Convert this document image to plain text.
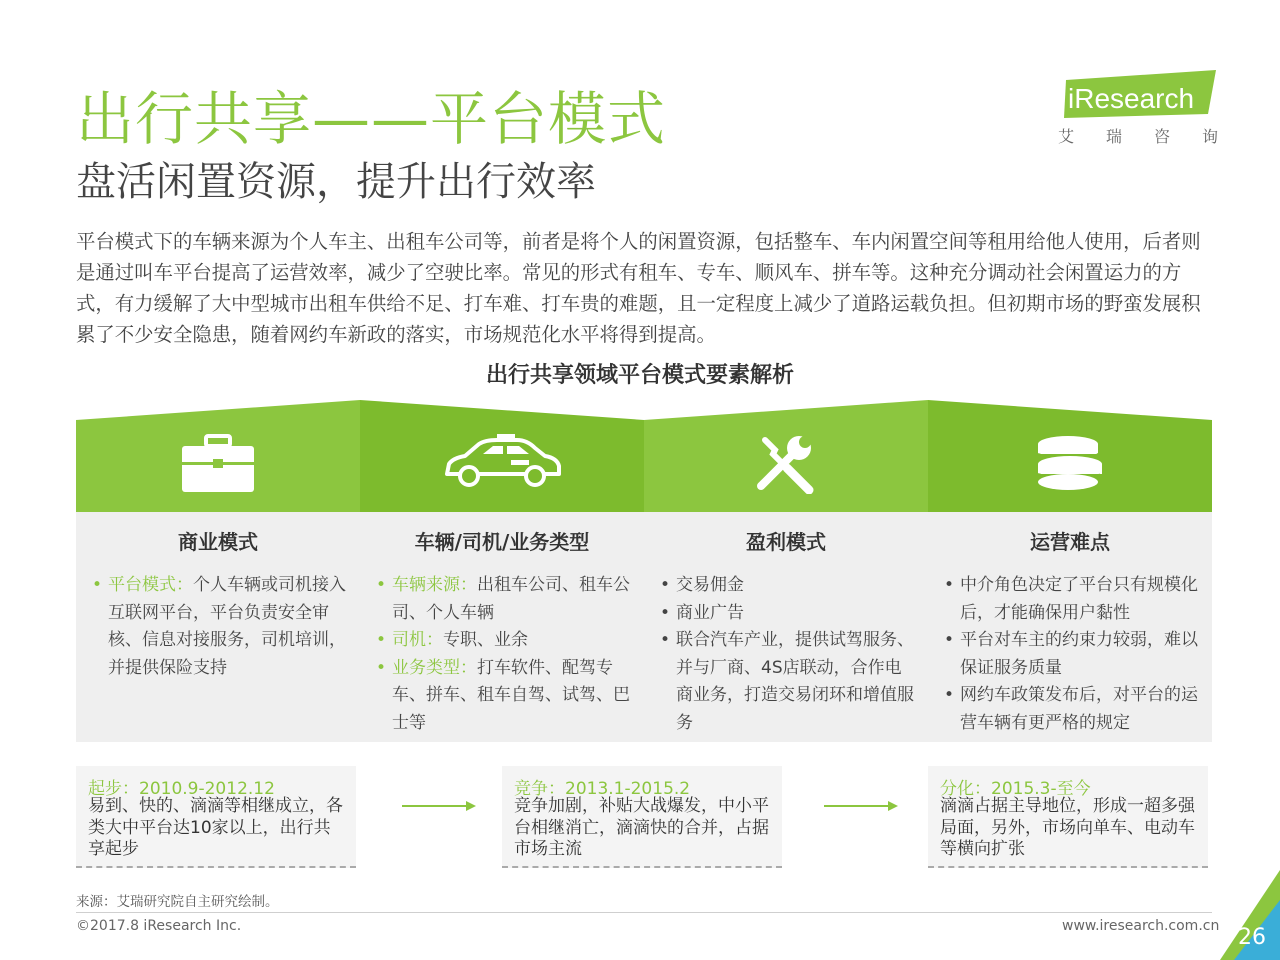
出行共享——平台模式
盘活闲置资源，提升出行效率
iResearch
艾 瑞 咨 询
平台模式下的车辆来源为个人车主、出租车公司等，前者是将个人的闲置资源，包括整车、车内闲置空间等租用给他人使用，后者则是通过叫车平台提高了运营效率，减少了空驶比率。常见的形式有租车、专车、顺风车、拼车等。这种充分调动社会闲置运力的方式，有力缓解了大中型城市出租车供给不足、打车难、打车贵的难题，且一定程度上减少了道路运载负担。但初期市场的野蛮发展积累了不少安全隐患，随着网约车新政的落实，市场规范化水平将得到提高。
出行共享领域平台模式要素解析
商业模式
• 平台模式：个人车辆或司机接入互联网平台，平台负责安全审核、信息对接服务，司机培训，并提供保险支持
车辆/司机/业务类型
• 车辆来源：出租车公司、租车公司、个人车辆
• 司机：专职、业余
• 业务类型：打车软件、配驾专车、拼车、租车自驾、试驾、巴士等
盈利模式
• 交易佣金
• 商业广告
• 联合汽车产业，提供试驾服务、并与厂商、4S店联动，合作电商业务，打造交易闭环和增值服务
运营难点
• 中介角色决定了平台只有规模化后，才能确保用户黏性
• 平台对车主的约束力较弱，难以保证服务质量
• 网约车政策发布后，对平台的运营车辆有更严格的规定
起步：2010.9-2012.12
易到、快的、滴滴等相继成立，各类大中平台达10家以上，出行共享起步
竞争：2013.1-2015.2
竞争加剧，补贴大战爆发，中小平台相继消亡，滴滴快的合并，占据市场主流
分化：2015.3-至今
滴滴占据主导地位，形成一超多强局面，另外，市场向单车、电动车等横向扩张
来源：艾瑞研究院自主研究绘制。
©2017.8 iResearch Inc.	www.iresearch.com.cn 26
